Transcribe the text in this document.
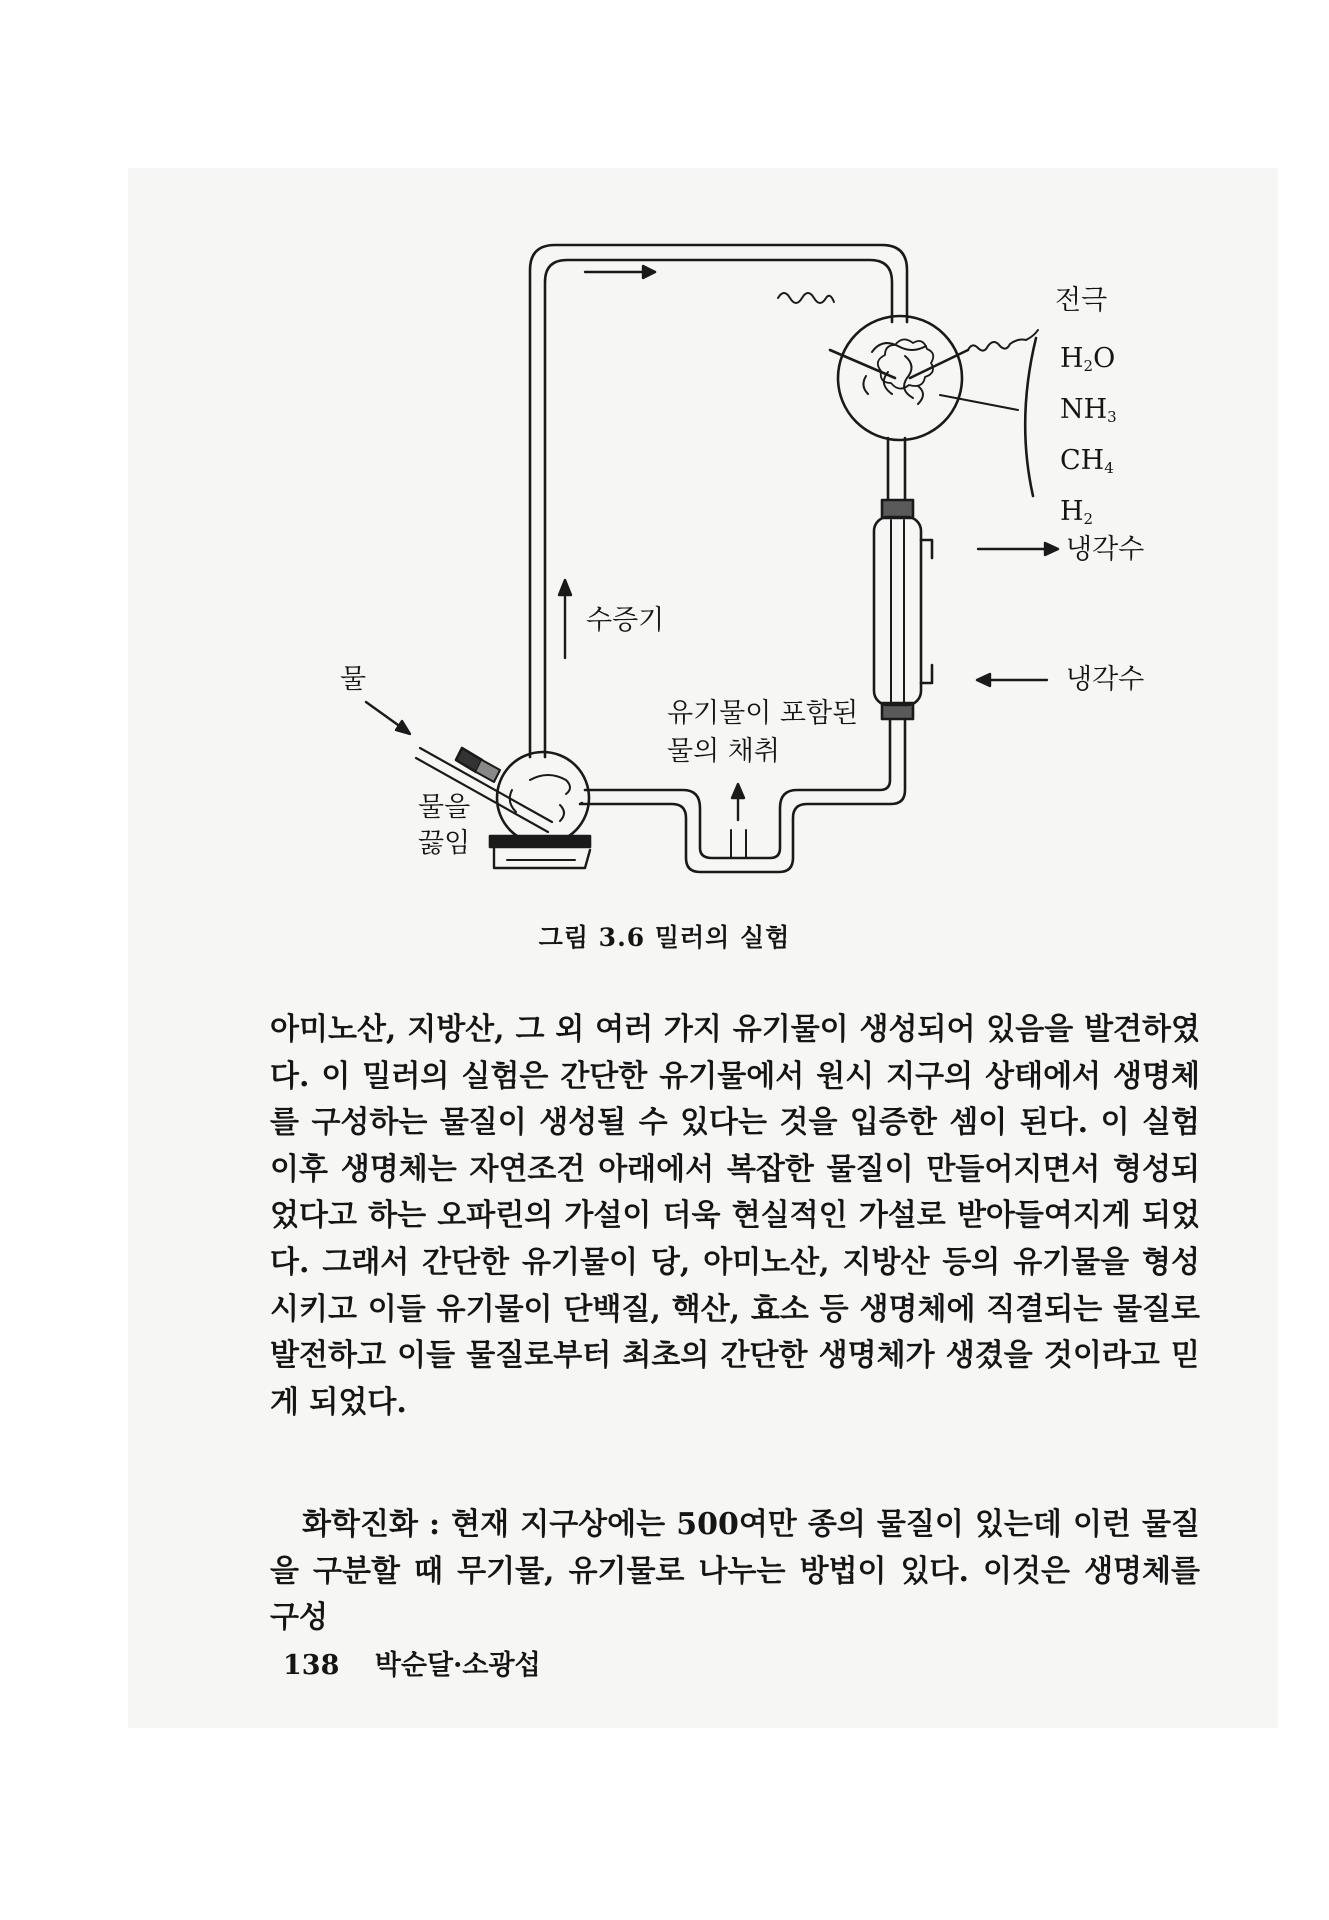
전극
$H_2O$
$NH_3$
$CH_4$
$H_2$
냉각수
냉각수
수증기
물
물을
끓임
유기물이 포함된
물의 채취
그림 3.6 밀러의 실험

아미노산, 지방산, 그 외 여러 가지 유기물이 생성되어 있음을 발견하였다. 이 밀러의 실험은 간단한 유기물에서 원시 지구의 상태에서 생명체를 구성하는 물질이 생성될 수 있다는 것을 입증한 셈이 된다. 이 실험 이후 생명체는 자연조건 아래에서 복잡한 물질이 만들어지면서 형성되었다고 하는 오파린의 가설이 더욱 현실적인 가설로 받아들여지게 되었다. 그래서 간단한 유기물이 당, 아미노산, 지방산 등의 유기물을 형성시키고 이들 유기물이 단백질, 핵산, 효소 등 생명체에 직결되는 물질로 발전하고 이들 물질로부터 최초의 간단한 생명체가 생겼을 것이라고 믿게 되었다.

화학진화 : 현재 지구상에는 500여만 종의 물질이 있는데 이런 물질을 구분할 때 무기물, 유기물로 나누는 방법이 있다. 이것은 생명체를 구성

138 박순달·소광섭
